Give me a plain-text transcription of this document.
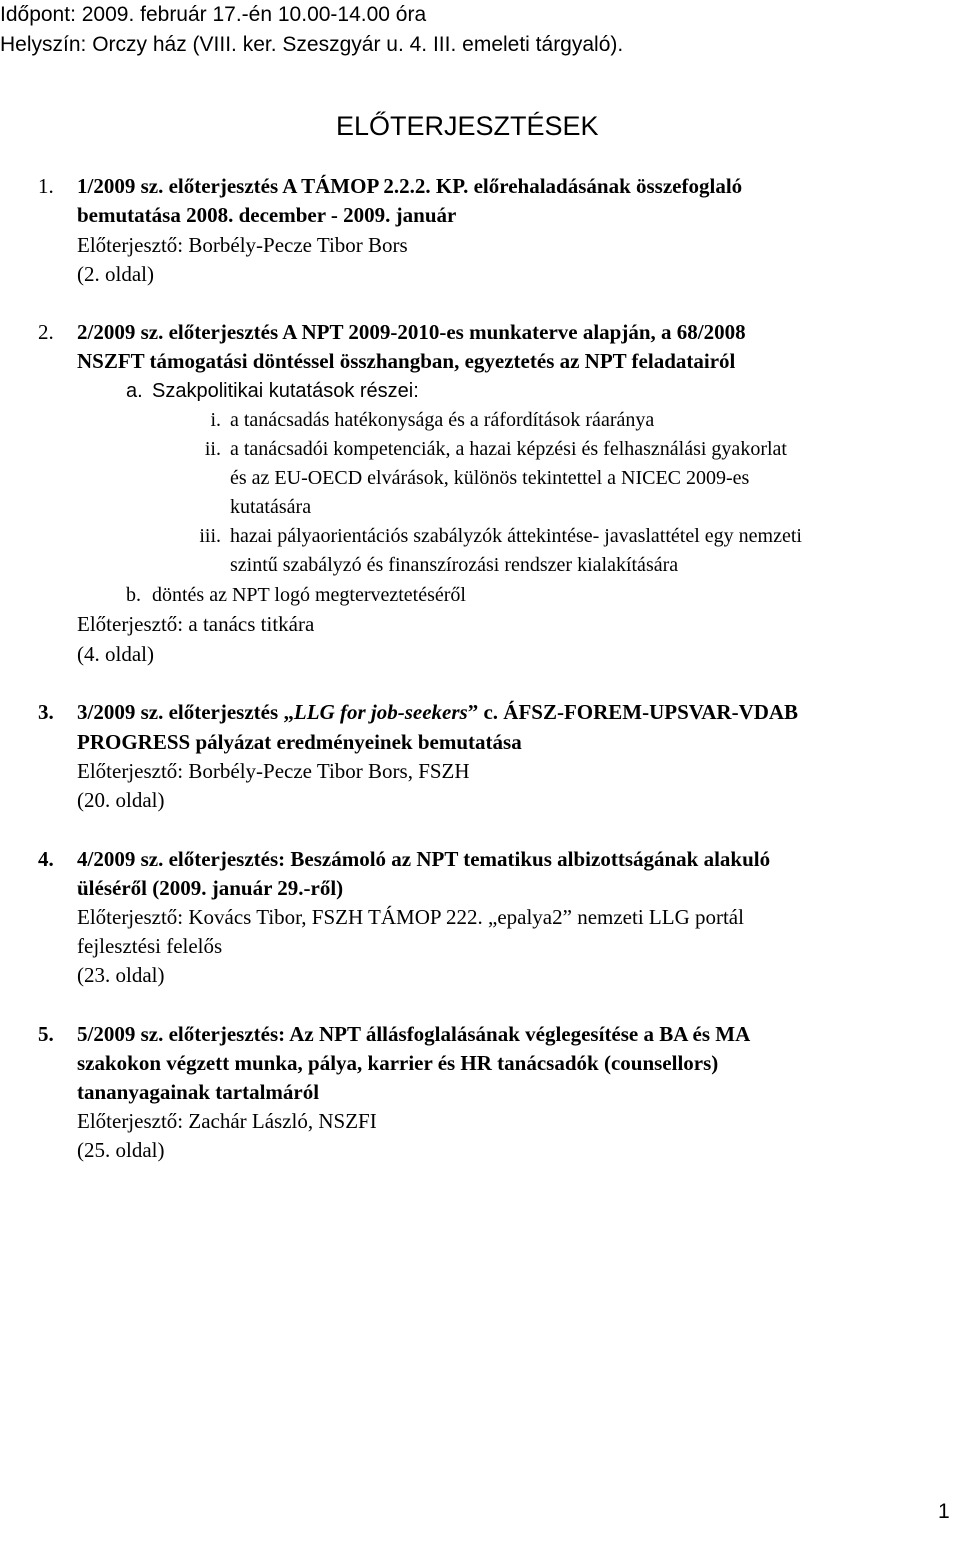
Időpont: 2009. február 17.-én 10.00-14.00 óra
Helyszín: Orczy ház (VIII. ker. Szeszgyár u. 4. III. emeleti tárgyaló).
ELŐTERJESZTÉSEK
1. 1/2009 sz. előterjesztés A TÁMOP 2.2.2. KP. előrehaladásának összefoglaló
bemutatása 2008. december - 2009. január
Előterjesztő: Borbély-Pecze Tibor Bors
(2. oldal)
2. 2/2009 sz. előterjesztés A NPT 2009-2010-es munkaterve alapján, a 68/2008
NSZFT támogatási döntéssel összhangban, egyeztetés az NPT feladatairól
a. Szakpolitikai kutatások részei:
i. a tanácsadás hatékonysága és a ráfordítások ráaránya
ii. a tanácsadói kompetenciák, a hazai képzési és felhasználási gyakorlat
és az EU-OECD elvárások, különös tekintettel a NICEC 2009-es
kutatására
iii. hazai pályaorientációs szabályzók áttekintése- javaslattétel egy nemzeti
szintű szabályzó és finanszírozási rendszer kialakítására
b. döntés az NPT logó megterveztetéséről
Előterjesztő: a tanács titkára
(4. oldal)
3. 3/2009 sz. előterjesztés „LLG for job-seekers” c. ÁFSZ-FOREM-UPSVAR-VDAB
PROGRESS pályázat eredményeinek bemutatása
Előterjesztő: Borbély-Pecze Tibor Bors, FSZH
(20. oldal)
4. 4/2009 sz. előterjesztés: Beszámoló az NPT tematikus albizottságának alakuló
üléséről (2009. január 29.-ről)
Előterjesztő: Kovács Tibor, FSZH TÁMOP 222. „epalya2” nemzeti LLG portál
fejlesztési felelős
(23. oldal)
5. 5/2009 sz. előterjesztés: Az NPT állásfoglalásának véglegesítése a BA és MA
szakokon végzett munka, pálya, karrier és HR tanácsadók (counsellors)
tananyagainak tartalmáról
Előterjesztő: Zachár László, NSZFI
(25. oldal)
1
